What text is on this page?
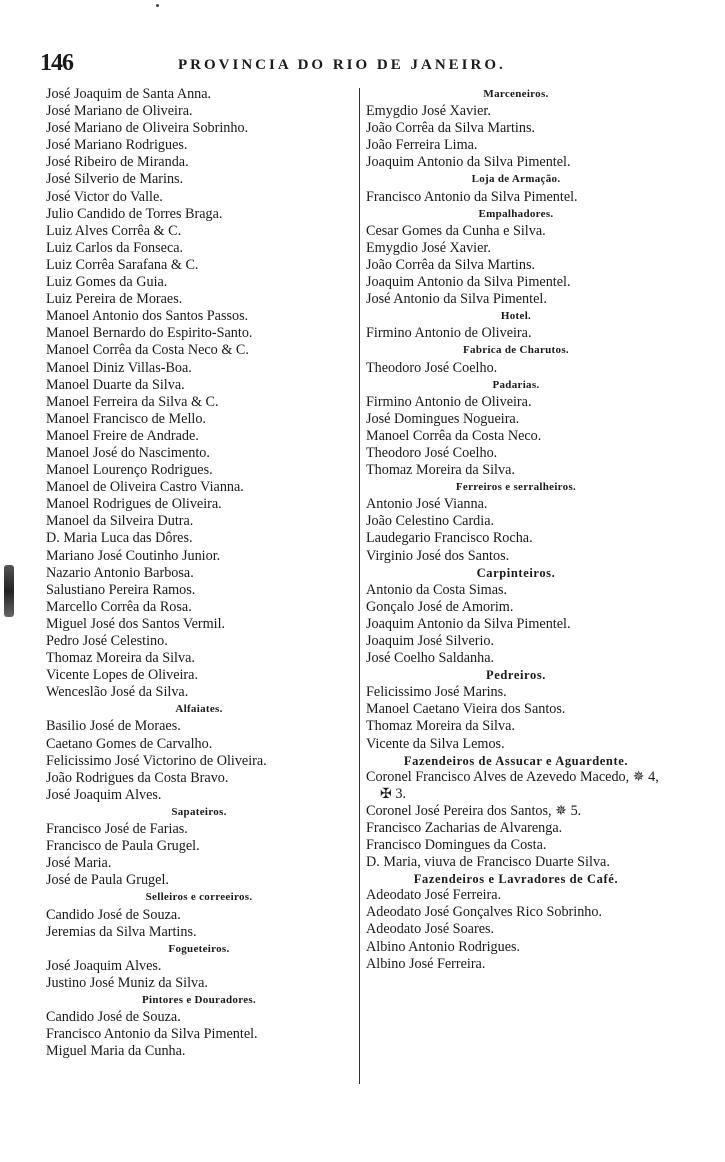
146	PROVINCIA DO RIO DE JANEIRO.
José Joaquim de Santa Anna.
José Mariano de Oliveira.
José Mariano de Oliveira Sobrinho.
José Mariano Rodrigues.
José Ribeiro de Miranda.
José Silverio de Marins.
José Victor do Valle.
Julio Candido de Torres Braga.
Luiz Alves Corrêa & C.
Luiz Carlos da Fonseca.
Luiz Corrêa Sarafana & C.
Luiz Gomes da Guia.
Luiz Pereira de Moraes.
Manoel Antonio dos Santos Passos.
Manoel Bernardo do Espirito-Santo.
Manoel Corrêa da Costa Neco & C.
Manoel Diniz Villas-Boa.
Manoel Duarte da Silva.
Manoel Ferreira da Silva & C.
Manoel Francisco de Mello.
Manoel Freire de Andrade.
Manoel José do Nascimento.
Manoel Lourenço Rodrigues.
Manoel de Oliveira Castro Vianna.
Manoel Rodrigues de Oliveira.
Manoel da Silveira Dutra.
D. Maria Luca das Dôres.
Mariano José Coutinho Junior.
Nazario Antonio Barbosa.
Salustiano Pereira Ramos.
Marcello Corrêa da Rosa.
Miguel José dos Santos Vermil.
Pedro José Celestino.
Thomaz Moreira da Silva.
Vicente Lopes de Oliveira.
Wenceslão José da Silva.
Alfaiates.
Basilio José de Moraes.
Caetano Gomes de Carvalho.
Felicissimo José Victorino de Oliveira.
João Rodrigues da Costa Bravo.
José Joaquim Alves.
Sapateiros.
Francisco José de Farias.
Francisco de Paula Grugel.
José Maria.
José de Paula Grugel.
Selleiros e correeiros.
Candido José de Souza.
Jeremias da Silva Martins.
Fogueteiros.
José Joaquim Alves.
Justino José Muniz da Silva.
Pintores e Douradores.
Candido José de Souza.
Francisco Antonio da Silva Pimentel.
Miguel Maria da Cunha.
Marceneiros.
Emygdio José Xavier.
João Corrêa da Silva Martins.
João Ferreira Lima.
Joaquim Antonio da Silva Pimentel.
Loja de Armação.
Francisco Antonio da Silva Pimentel.
Empalhadores.
Cesar Gomes da Cunha e Silva.
Emygdio José Xavier.
João Corrêa da Silva Martins.
Joaquim Antonio da Silva Pimentel.
José Antonio da Silva Pimentel.
Hotel.
Firmino Antonio de Oliveira.
Fabrica de Charutos.
Theodoro José Coelho.
Padarias.
Firmino Antonio de Oliveira.
José Domingues Nogueira.
Manoel Corrêa da Costa Neco.
Theodoro José Coelho.
Thomaz Moreira da Silva.
Ferreiros e serralheiros.
Antonio José Vianna.
João Celestino Cardia.
Laudegario Francisco Rocha.
Virginio José dos Santos.
Carpinteiros.
Antonio da Costa Simas.
Gonçalo José de Amorim.
Joaquim Antonio da Silva Pimentel.
Joaquim José Silverio.
José Coelho Saldanha.
Pedreiros.
Felicissimo José Marins.
Manoel Caetano Vieira dos Santos.
Thomaz Moreira da Silva.
Vicente da Silva Lemos.
Fazendeiros de Assucar e Aguardente.
Coronel Francisco Alves de Azevedo Macedo, ✵ 4, ✠ 3.
Coronel José Pereira dos Santos, ✵ 5.
Francisco Zacharias de Alvarenga.
Francisco Domingues da Costa.
D. Maria, viuva de Francisco Duarte Silva.
Fazendeiros e Lavradores de Café.
Adeodato José Ferreira.
Adeodato José Gonçalves Rico Sobrinho.
Adeodato José Soares.
Albino Antonio Rodrigues.
Albino José Ferreira.
